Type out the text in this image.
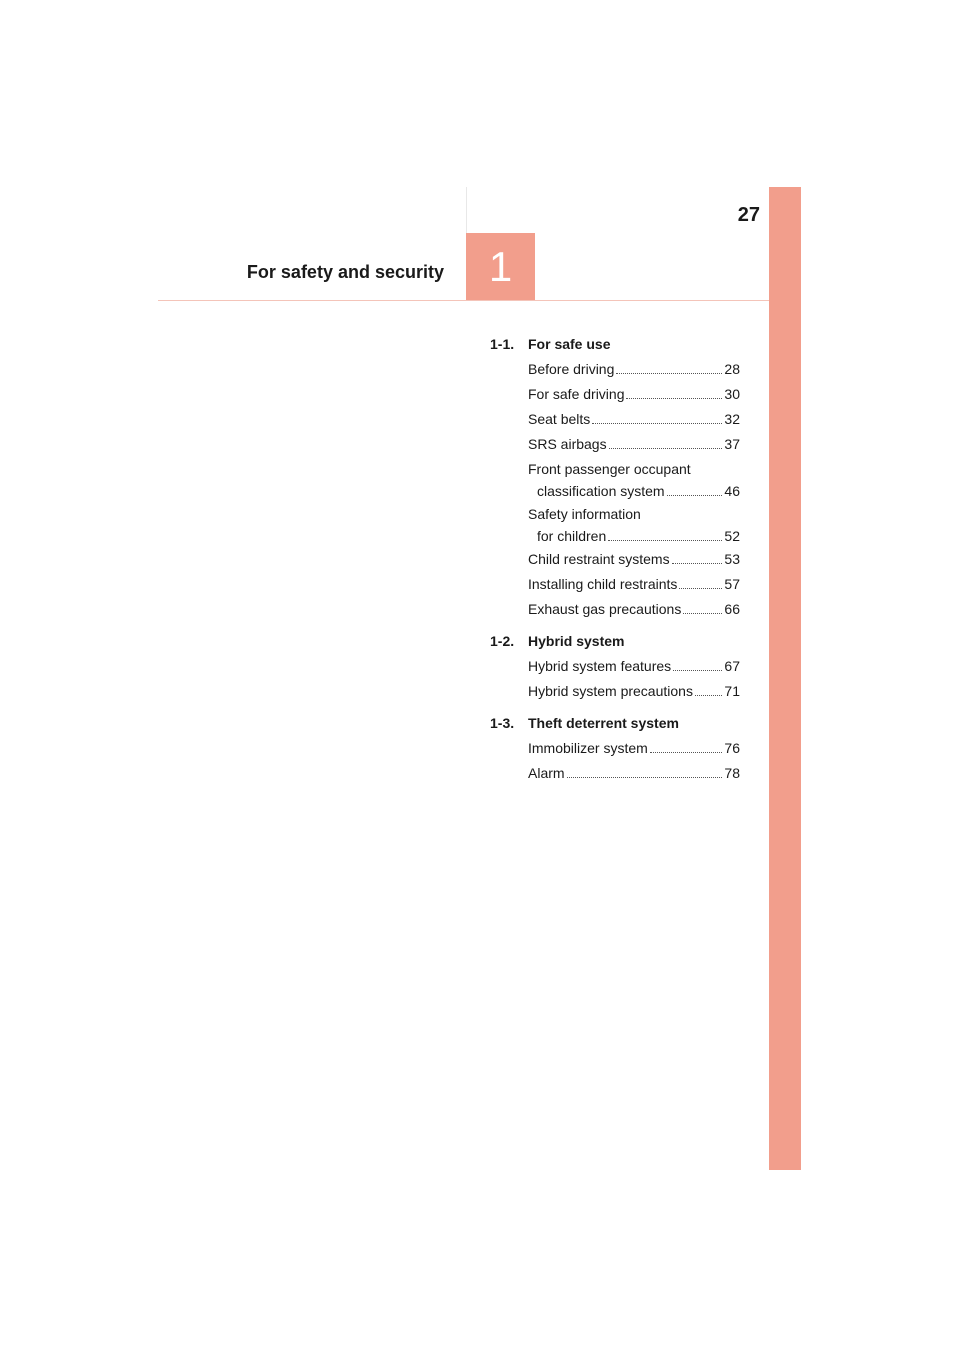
27
For safety and security	1
1-1. For safe use
Before driving	28
For safe driving	30
Seat belts	32
SRS airbags	37
Front passenger occupant
classification system	46
Safety information
for children	52
Child restraint systems	53
Installing child restraints	57
Exhaust gas precautions	66
1-2. Hybrid system
Hybrid system features	67
Hybrid system precautions 71
1-3. Theft deterrent system
Immobilizer system	76
Alarm	78
